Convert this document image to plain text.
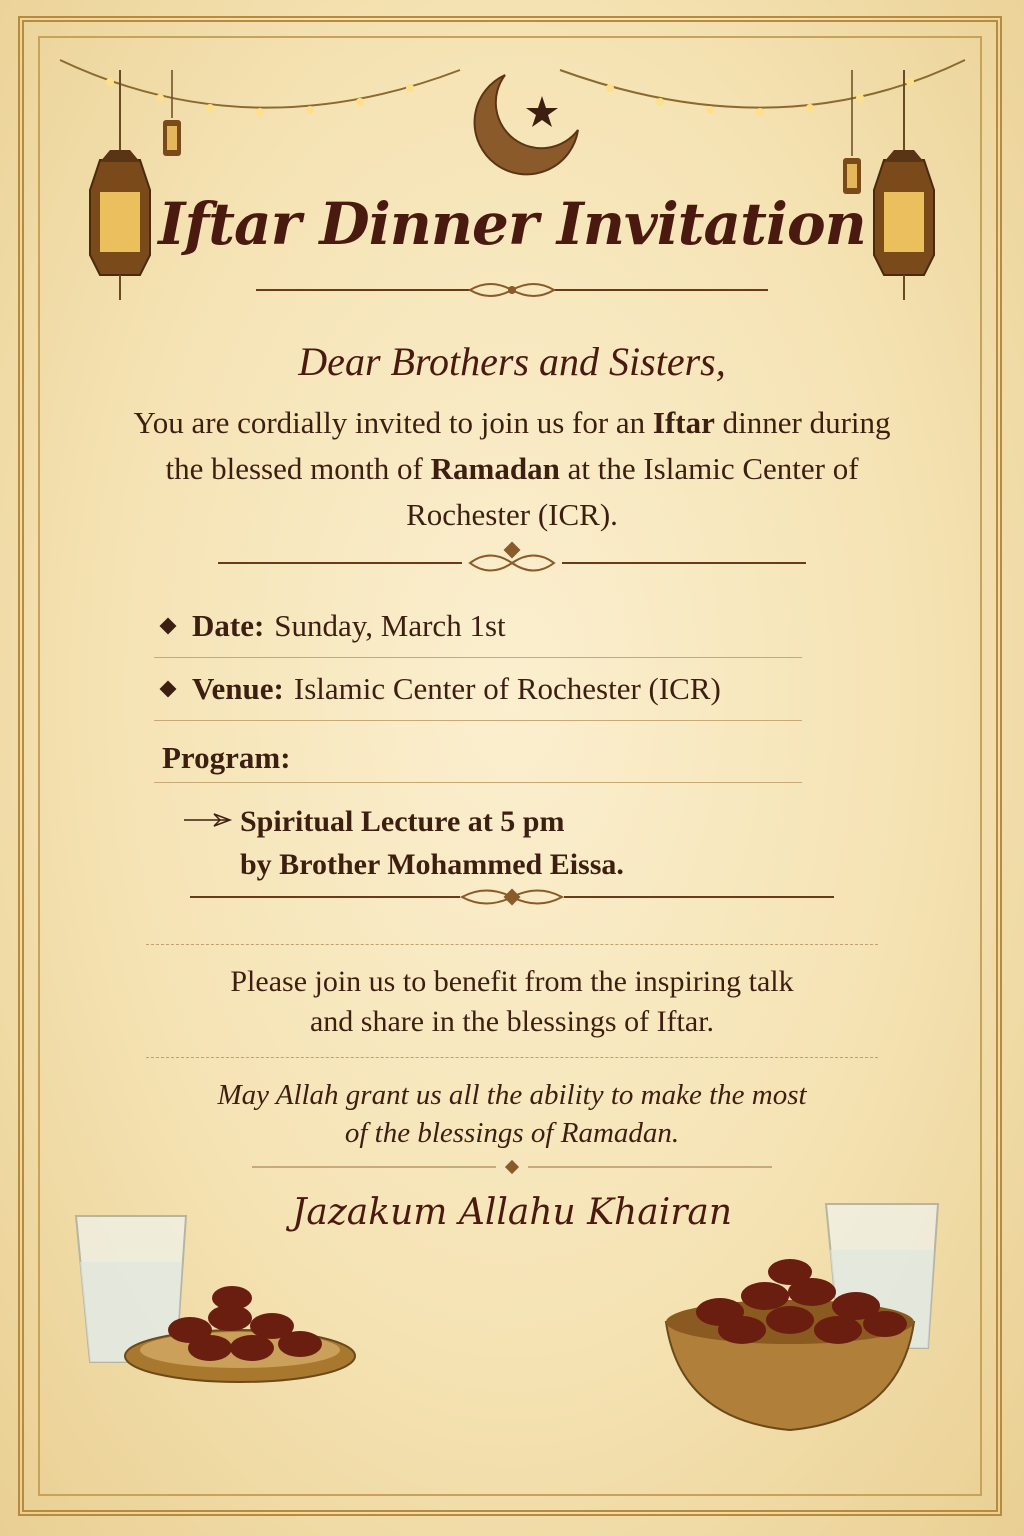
Iftar Dinner Invitation
Dear Brothers and Sisters,
You are cordially invited to join us for an Iftar dinner during the blessed month of Ramadan at the Islamic Center of Rochester (ICR).
Date: Sunday, March 1st
Venue: Islamic Center of Rochester (ICR)
Program:
Spiritual Lecture at 5 pm
by Brother Mohammed Eissa.
Please join us to benefit from the inspiring talk
and share in the blessings of Iftar.
May Allah grant us all the ability to make the most
of the blessings of Ramadan.
Jazakum Allahu Khairan
